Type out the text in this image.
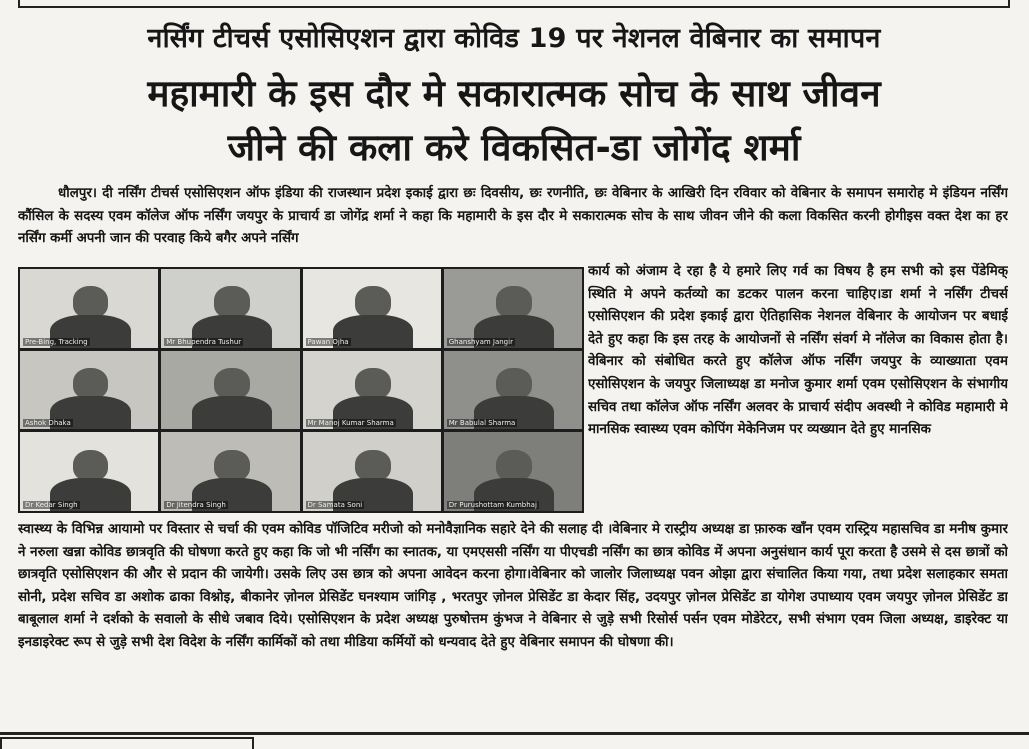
नर्सिंग टीचर्स एसोसिएशन द्वारा कोविड 19 पर नेशनल वेबिनार का समापन
महामारी के इस दौर मे सकारात्मक सोच के साथ जीवन
जीने की कला करे विकसित-डा जोगेंद शर्मा
धौलपुर। दी नर्सिंग टीचर्स एसोसिएशन ऑफ इंडिया की राजस्थान प्रदेश इकाई द्वारा छः दिवसीय, छः रणनीति, छः वेबिनार के आखिरी दिन रविवार को वेबिनार के समापन समारोह मे इंडियन नर्सिंग कौंसिल के सदस्य एवम कॉलेज ऑफ नर्सिंग जयपुर के प्राचार्य डा जोगेंद्र शर्मा ने कहा कि महामारी के इस दौर मे सकारात्मक सोच के साथ जीवन जीने की कला विकसित करनी होगीइस वक्त देश का हर नर्सिंग कर्मी अपनी जान की परवाह किये बगैर अपने नर्सिंग
Pre-Bing, Tracking	Mr Bhupendra Tushur	Pawan Ojha	Ghanshyam Jangir
Ashok Dhaka	Mr Manoj Kumar Sharma	Mr Babulal Sharma
Dr Kedar Singh	Dr Jitendra Singh	Dr Samata Soni	Dr Purushottam Kumbhaj
कार्य को अंजाम दे रहा है ये हमारे लिए गर्व का विषय है हम सभी को इस पेंडेमिक् स्थिति मे अपने कर्तव्यो का डटकर पालन करना चाहिए।डा शर्मा ने नर्सिंग टीचर्स एसोसिएशन की प्रदेश इकाई द्वारा ऐतिहासिक नेशनल वेबिनार के आयोजन पर बधाई देते हुए कहा कि इस तरह के आयोजनों से नर्सिंग संवर्ग मे नॉलेज का विकास होता है। वेबिनार को संबोधित करते हुए कॉलेज ऑफ नर्सिंग जयपुर के व्याख्याता एवम एसोसिएशन के जयपुर जिलाध्यक्ष डा मनोज कुमार शर्मा एवम एसोसिएशन के संभागीय सचिव तथा कॉलेज ऑफ नर्सिंग अलवर के प्राचार्य संदीप अवस्थी ने कोविड महामारी मे मानसिक स्वास्थ्य एवम कोपिंग मेकेनिजम पर व्यख्यान देते हुए मानसिक
स्वास्थ्य के विभिन्न आयामो पर विस्तार से चर्चा की एवम कोविड पॉजिटिव मरीजो को मनोवैज्ञानिक सहारे देने की सलाह दी ।वेबिनार मे रास्ट्रीय अध्यक्ष डा फ़ारुक खाँन एवम रास्ट्रिय महासचिव डा मनीष कुमार ने नरुला खन्ना कोविड छात्रवृति की घोषणा करते हुए कहा कि जो भी नर्सिंग का स्नातक, या एमएससी नर्सिंग या पीएचडी नर्सिंग का छात्र कोविड में अपना अनुसंधान कार्य पूरा करता है उसमे से दस छात्रों को छात्रवृति एसोसिएशन की और से प्रदान की जायेगी। उसके लिए उस छात्र को अपना आवेदन करना होगा।वेबिनार को जालोर जिलाध्यक्ष पवन ओझा द्वारा संचालित किया गया, तथा प्रदेश सलाहकार समता सोनी, प्रदेश सचिव डा अशोक ढाका विश्नोइ, बीकानेर ज़ोनल प्रेसिडेंट घनश्याम जांगिड़ , भरतपुर ज़ोनल प्रेसिडेंट डा केदार सिंह, उदयपुर ज़ोनल प्रेसिडेंट डा योगेश उपाध्याय एवम जयपुर ज़ोनल प्रेसिडेंट डा बाबूलाल शर्मा ने दर्शको के सवालो के सीधे जबाव दिये। एसोसिएशन के प्रदेश अध्यक्ष पुरुषोत्तम कुंभज ने वेबिनार से जुड़े सभी रिसोर्स पर्सन एवम मोडेरेटर, सभी संभाग एवम जिला अध्यक्ष, डाइरेक्ट या इनडाइरेक्ट रूप से जुड़े सभी देश विदेश के नर्सिंग कार्मिकों को तथा मीडिया कर्मियों को धन्यवाद देते हुए वेबिनार समापन की घोषणा की।
